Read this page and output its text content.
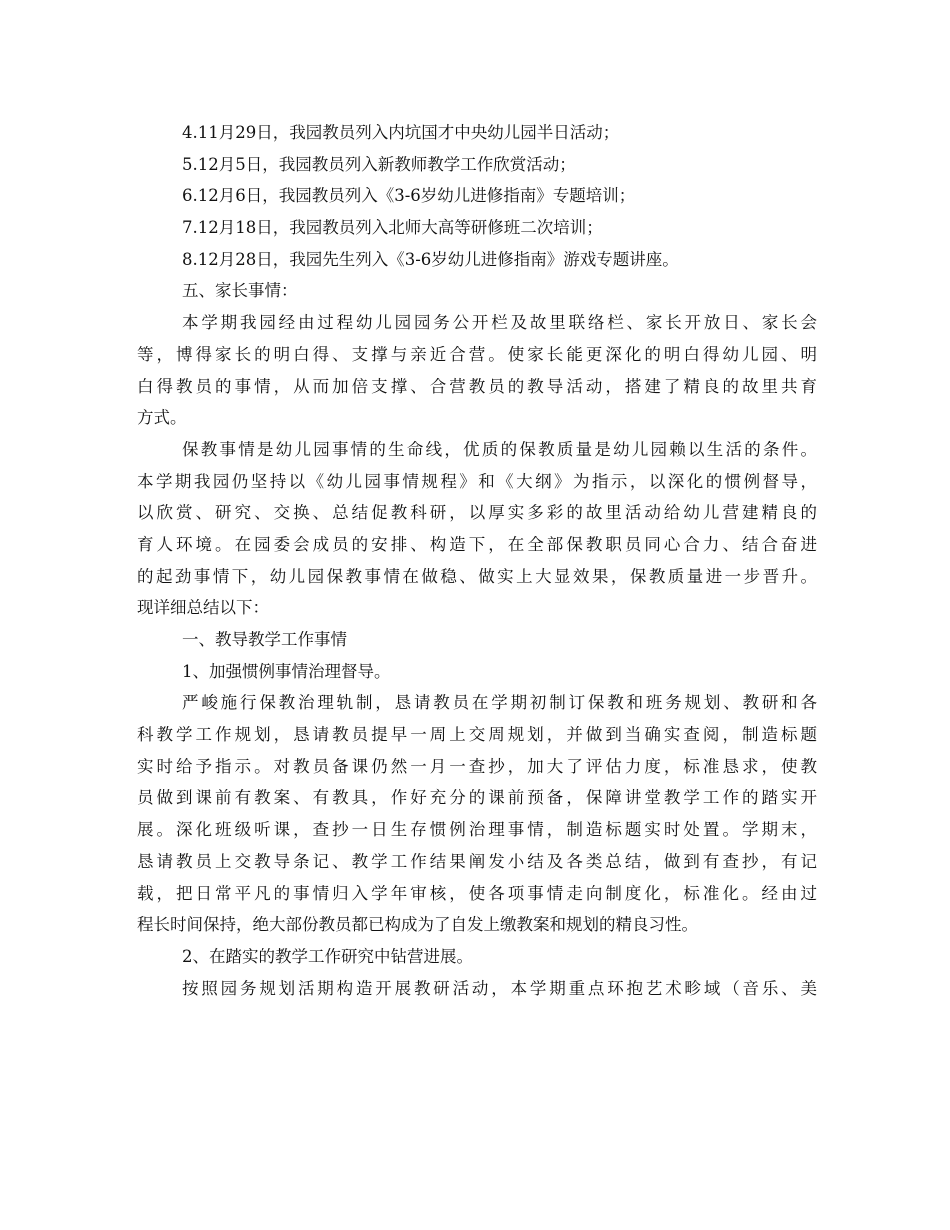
4.11月29日，我园教员列入内坑国才中央幼儿园半日活动；
5.12月5日，我园教员列入新教师教学工作欣赏活动；
6.12月6日，我园教员列入《3-6岁幼儿进修指南》专题培训；
7.12月18日，我园教员列入北师大高等研修班二次培训；
8.12月28日，我园先生列入《3-6岁幼儿进修指南》游戏专题讲座。
五、家长事情：
本学期我园经由过程幼儿园园务公开栏及故里联络栏、家长开放日、家长会
等，博得家长的明白得、支撑与亲近合营。使家长能更深化的明白得幼儿园、明
白得教员的事情，从而加倍支撑、合营教员的教导活动，搭建了精良的故里共育
方式。
保教事情是幼儿园事情的生命线，优质的保教质量是幼儿园赖以生活的条件。
本学期我园仍坚持以《幼儿园事情规程》和《大纲》为指示，以深化的惯例督导，
以欣赏、研究、交换、总结促教科研，以厚实多彩的故里活动给幼儿营建精良的
育人环境。在园委会成员的安排、构造下，在全部保教职员同心合力、结合奋进
的起劲事情下，幼儿园保教事情在做稳、做实上大显效果，保教质量进一步晋升。
现详细总结以下：
一、教导教学工作事情
1、加强惯例事情治理督导。
严峻施行保教治理轨制，恳请教员在学期初制订保教和班务规划、教研和各
科教学工作规划，恳请教员提早一周上交周规划，并做到当确实查阅，制造标题
实时给予指示。对教员备课仍然一月一查抄，加大了评估力度，标准恳求，使教
员做到课前有教案、有教具，作好充分的课前预备，保障讲堂教学工作的踏实开
展。深化班级听课，查抄一日生存惯例治理事情，制造标题实时处置。学期末，
恳请教员上交教导条记、教学工作结果阐发小结及各类总结，做到有查抄，有记
载，把日常平凡的事情归入学年审核，使各项事情走向制度化，标准化。经由过
程长时间保持，绝大部份教员都已构成为了自发上缴教案和规划的精良习性。
2、在踏实的教学工作研究中钻营进展。
按照园务规划活期构造开展教研活动，本学期重点环抱艺术畛域（音乐、美
